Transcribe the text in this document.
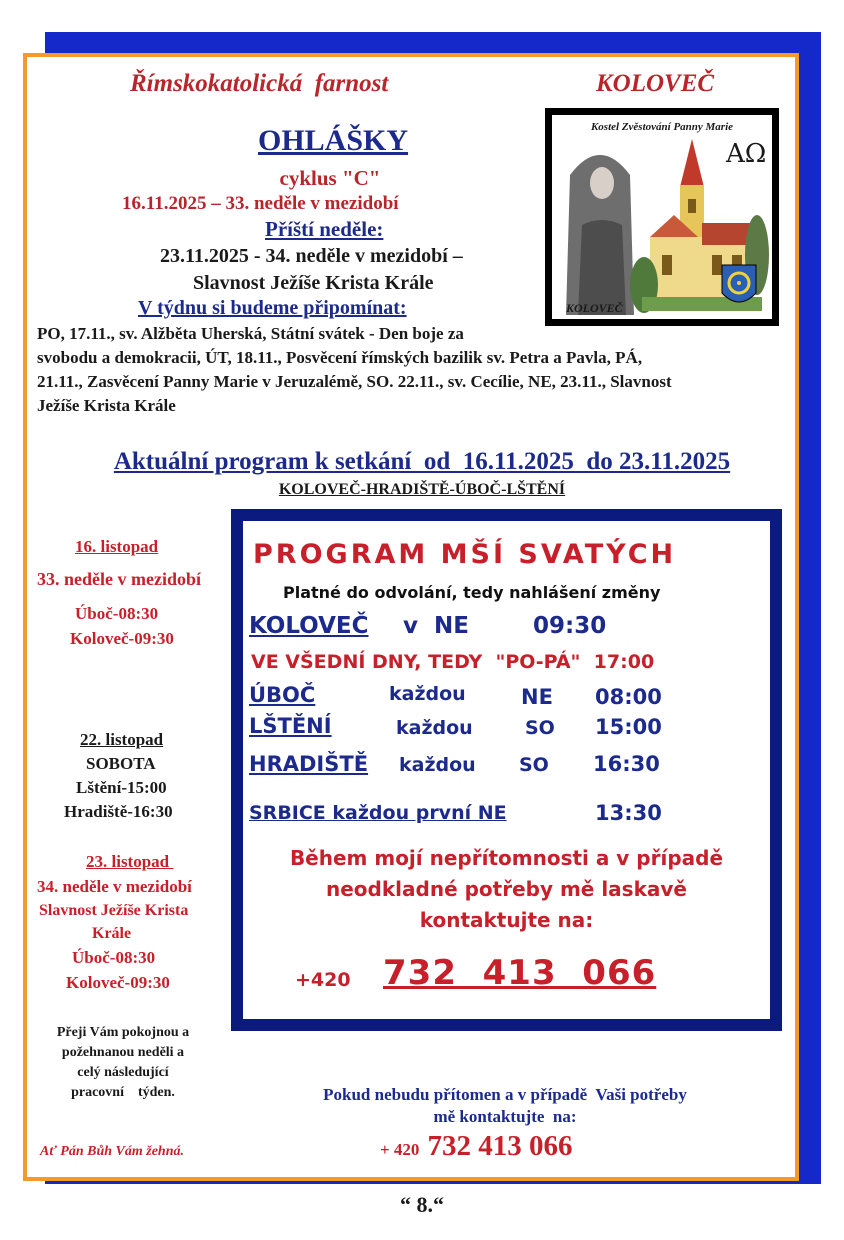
Římskokatolická  farnost	KOLOVEČ
OHLÁŠKY
cyklus "C"
16.11.2025 – 33. neděle v mezidobí
Příští neděle:
23.11.2025 - 34. neděle v mezidobí –
Slavnost Ježíše Krista Krále
V týdnu si budeme připomínat:
PO, 17.11., sv. Alžběta Uherská, Státní svátek - Den boje za
svobodu a demokracii, ÚT, 18.11., Posvěcení římských bazilik sv. Petra a Pavla, PÁ,
21.11., Zasvěcení Panny Marie v Jeruzalémě, SO. 22.11., sv. Cecílie, NE, 23.11., Slavnost
Ježíše Krista Krále
Kostel Zvěstování Panny Marie
AΩ
KOLOVEČ
Aktuální program k setkání  od  16.11.2025  do 23.11.2025
KOLOVEČ-HRADIŠTĚ-ÚBOČ-LŠTĚNÍ
16. listopad
33. neděle v mezidobí
Úboč-08:30
Koloveč-09:30
22. listopad
SOBOTA
Lštění-15:00
Hradiště-16:30
23. listopad
34. neděle v mezidobí
Slavnost Ježíše Krista
Krále
Úboč-08:30
Koloveč-09:30
Přeji Vám pokojnou a
požehnanou neděli a
celý následující
pracovní    týden.
Ať Pán Bůh Vám žehná.
PROGRAM MŠÍ SVATÝCH
Platné do odvolání, tedy nahlášení změny
KOLOVEČ v  NE	09:30
VE VŠEDNÍ DNY, TEDY  "PO-PÁ"  17:00
ÚBOČ	každou	NE 08:00
LŠTĚNÍ	každou	SO 15:00
HRADIŠTĚ každou SO 16:30
SRBICE každou první NE	13:30
Během mojí nepřítomnosti a v případě
neodkladné potřeby mě laskavě
kontaktujte na:
+420 732  413  066
Pokud nebudu přítomen a v případě  Vaši potřeby
mě kontaktujte  na:
+ 420 732 413 066
“ 8.“
